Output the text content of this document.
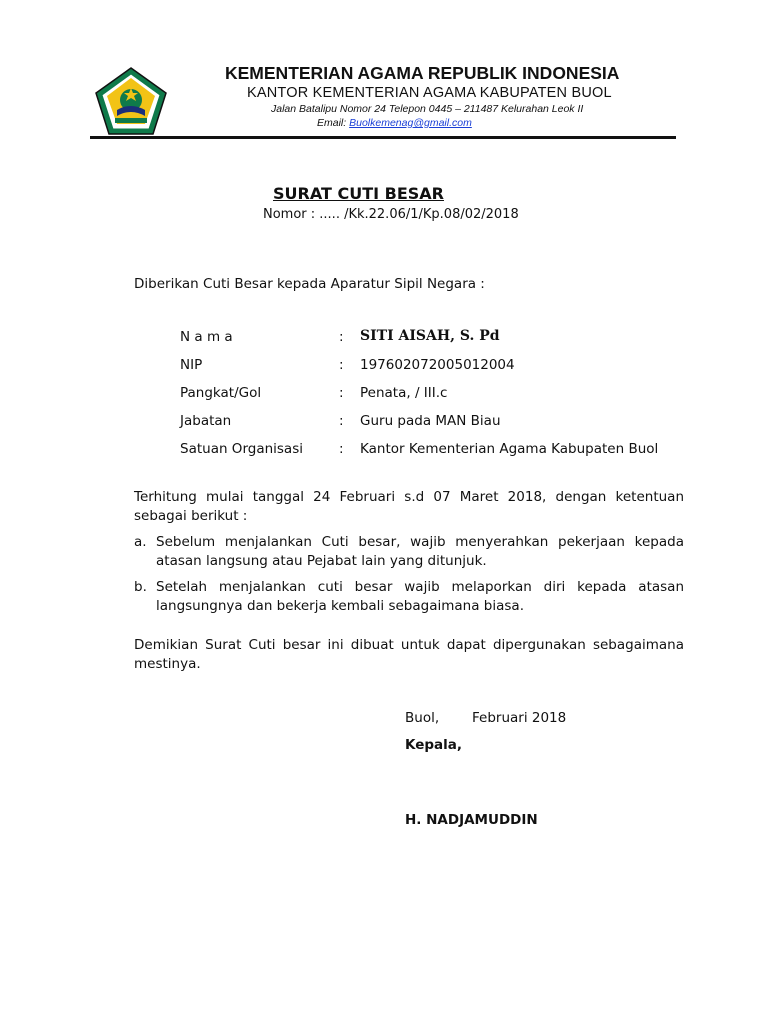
KEMENTERIAN AGAMA REPUBLIK INDONESIA
KANTOR KEMENTERIAN AGAMA KABUPATEN BUOL
Jalan Batalipu Nomor 24 Telepon 0445 – 211487 Kelurahan Leok II
Email: Buolkemenag@gmail.com
SURAT CUTI BESAR
Nomor : ..... /Kk.22.06/1/Kp.08/02/2018
Diberikan Cuti Besar kepada Aparatur Sipil Negara :
N a m a	: SITI AISAH, S. Pd
NIP	: 197602072005012004
Pangkat/Gol	: Penata, / III.c
Jabatan	: Guru pada MAN Biau
Satuan Organisasi	: Kantor Kementerian Agama Kabupaten Buol
Terhitung mulai tanggal 24 Februari s.d 07 Maret 2018, dengan ketentuan sebagai berikut :
a. Sebelum menjalankan Cuti besar, wajib menyerahkan pekerjaan kepada atasan langsung atau Pejabat lain yang ditunjuk.
b. Setelah menjalankan cuti besar wajib melaporkan diri kepada atasan langsungnya dan bekerja kembali sebagaimana biasa.
Demikian Surat Cuti besar ini dibuat untuk dapat dipergunakan sebagaimana mestinya.
Buol, Februari 2018
Kepala,
H. NADJAMUDDIN
